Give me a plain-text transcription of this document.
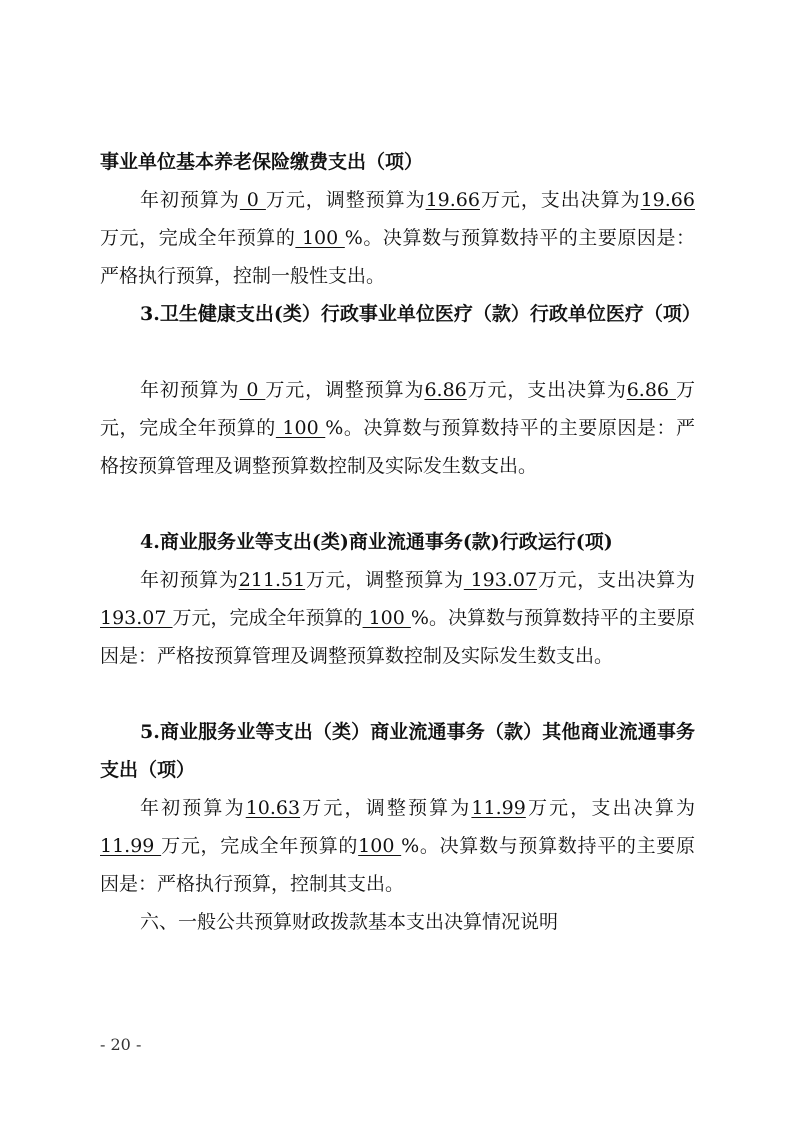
事业单位基本养老保险缴费支出（项）

年初预算为 0 万元，调整预算为19.66万元，支出决算为19.66 万元，完成全年预算的 100 %。决算数与预算数持平的主要原因是：严格执行预算，控制一般性支出。

3.卫生健康支出(类）行政事业单位医疗（款）行政单位医疗（项）

年初预算为 0 万元，调整预算为6.86万元，支出决算为6.86 万元，完成全年预算的 100 %。决算数与预算数持平的主要原因是：严格按预算管理及调整预算数控制及实际发生数支出。

4.商业服务业等支出(类)商业流通事务(款)行政运行(项)

年初预算为211.51万元，调整预算为 193.07万元，支出决算为 193.07 万元，完成全年预算的 100 %。决算数与预算数持平的主要原因是：严格按预算管理及调整预算数控制及实际发生数支出。

5.商业服务业等支出（类）商业流通事务（款）其他商业流通事务支出（项）

年初预算为10.63万元，调整预算为11.99万元，支出决算为 11.99 万元，完成全年预算的100 %。决算数与预算数持平的主要原因是：严格执行预算，控制其支出。

六、一般公共预算财政拨款基本支出决算情况说明

- 20 -
